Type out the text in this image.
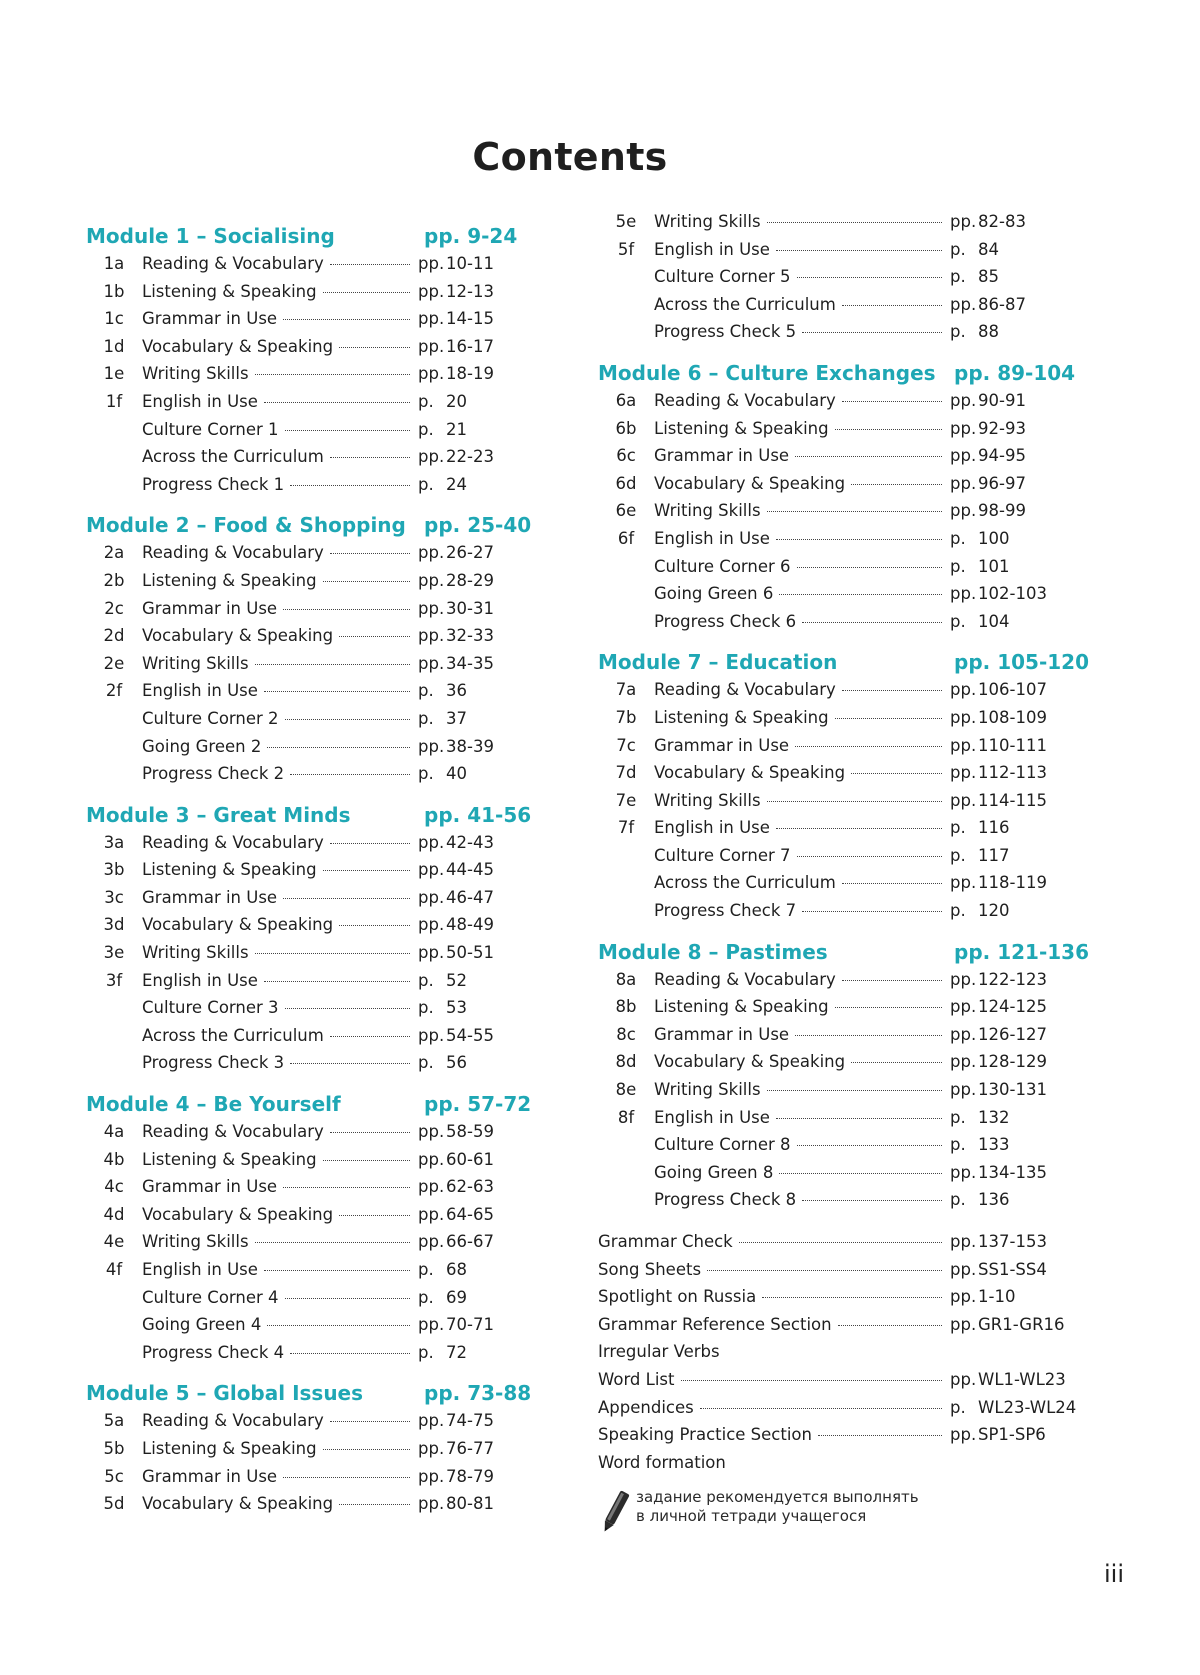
Contents
Module 1 – Socialising	pp. 9-24
1a	Reading & Vocabulary	pp. 10-11
1b	Listening & Speaking	pp. 12-13
1c	Grammar in Use	pp. 14-15
1d	Vocabulary & Speaking	pp. 16-17
1e	Writing Skills	pp. 18-19
1f	English in Use	p. 20
Culture Corner 1	p. 21
Across the Curriculum	pp. 22-23
Progress Check 1	p. 24
Module 2 – Food & Shopping pp. 25-40
2a	Reading & Vocabulary	pp. 26-27
2b	Listening & Speaking	pp. 28-29
2c	Grammar in Use	pp. 30-31
2d	Vocabulary & Speaking	pp. 32-33
2e	Writing Skills	pp. 34-35
2f	English in Use	p. 36
Culture Corner 2	p. 37
Going Green 2	pp. 38-39
Progress Check 2	p. 40
Module 3 – Great Minds	pp. 41-56
3a	Reading & Vocabulary	pp. 42-43
3b	Listening & Speaking	pp. 44-45
3c	Grammar in Use	pp. 46-47
3d	Vocabulary & Speaking	pp. 48-49
3e	Writing Skills	pp. 50-51
3f	English in Use	p. 52
Culture Corner 3	p. 53
Across the Curriculum	pp. 54-55
Progress Check 3	p. 56
Module 4 – Be Yourself	pp. 57-72
4a	Reading & Vocabulary	pp. 58-59
4b	Listening & Speaking	pp. 60-61
4c	Grammar in Use	pp. 62-63
4d	Vocabulary & Speaking	pp. 64-65
4e	Writing Skills	pp. 66-67
4f	English in Use	p. 68
Culture Corner 4	p. 69
Going Green 4	pp. 70-71
Progress Check 4	p. 72
Module 5 – Global Issues	pp. 73-88
5a	Reading & Vocabulary	pp. 74-75
5b	Listening & Speaking	pp. 76-77
5c	Grammar in Use	pp. 78-79
5d	Vocabulary & Speaking	pp. 80-81
5e	Writing Skills	pp. 82-83
5f	English in Use	p. 84
Culture Corner 5	p. 85
Across the Curriculum	pp. 86-87
Progress Check 5	p. 88
Module 6 – Culture Exchanges pp. 89-104
6a	Reading & Vocabulary	pp. 90-91
6b	Listening & Speaking	pp. 92-93
6c	Grammar in Use	pp. 94-95
6d	Vocabulary & Speaking	pp. 96-97
6e	Writing Skills	pp. 98-99
6f	English in Use	p. 100
Culture Corner 6	p. 101
Going Green 6	pp. 102-103
Progress Check 6	p. 104
Module 7 – Education	pp. 105-120
7a	Reading & Vocabulary	pp. 106-107
7b	Listening & Speaking	pp. 108-109
7c	Grammar in Use	pp. 110-111
7d	Vocabulary & Speaking	pp. 112-113
7e	Writing Skills	pp. 114-115
7f	English in Use	p. 116
Culture Corner 7	p. 117
Across the Curriculum	pp. 118-119
Progress Check 7	p. 120
Module 8 – Pastimes	pp. 121-136
8a	Reading & Vocabulary	pp. 122-123
8b	Listening & Speaking	pp. 124-125
8c	Grammar in Use	pp. 126-127
8d	Vocabulary & Speaking	pp. 128-129
8e	Writing Skills	pp. 130-131
8f	English in Use	p. 132
Culture Corner 8	p. 133
Going Green 8	pp. 134-135
Progress Check 8	p. 136
Grammar Check	pp. 137-153
Song Sheets	pp. SS1-SS4
Spotlight on Russia	pp. 1-10
Grammar Reference Section	pp. GR1-GR16
Irregular Verbs
Word List	pp. WL1-WL23
Appendices	p. WL23-WL24
Speaking Practice Section	pp. SP1-SP6
Word formation
задание рекомендуется выполнять
в личной тетради учащегося
iii
